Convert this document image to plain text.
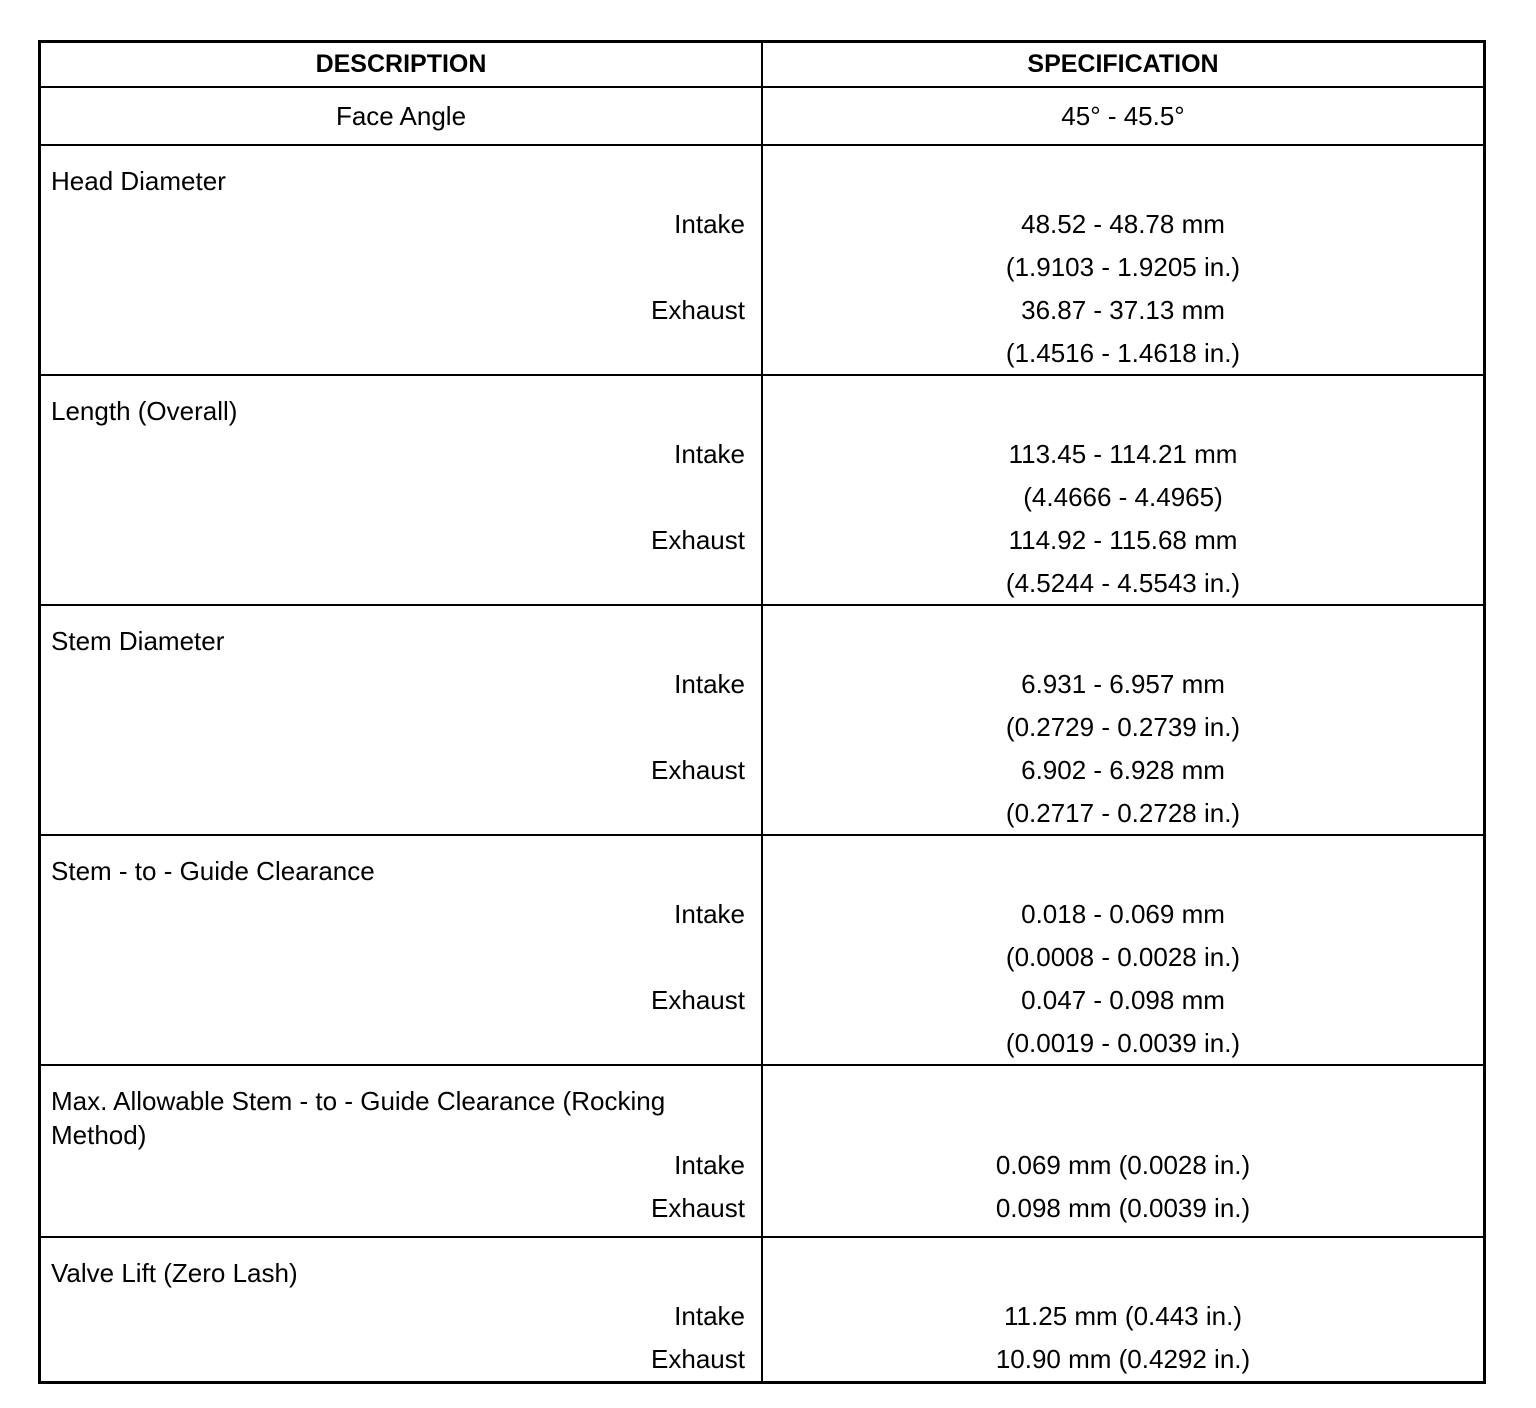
DESCRIPTION	SPECIFICATION
Face Angle	45° - 45.5°
Head Diameter
Intake
Exhaust
48.52 - 48.78 mm
(1.9103 - 1.9205 in.)
36.87 - 37.13 mm
(1.4516 - 1.4618 in.)
Length (Overall)
Intake
Exhaust
113.45 - 114.21 mm
(4.4666 - 4.4965)
114.92 - 115.68 mm
(4.5244 - 4.5543 in.)
Stem Diameter
Intake
Exhaust
6.931 - 6.957 mm
(0.2729 - 0.2739 in.)
6.902 - 6.928 mm
(0.2717 - 0.2728 in.)
Stem - to - Guide Clearance
Intake
Exhaust
0.018 - 0.069 mm
(0.0008 - 0.0028 in.)
0.047 - 0.098 mm
(0.0019 - 0.0039 in.)
Max. Allowable Stem - to - Guide Clearance (Rocking Method)
Intake
Exhaust
0.069 mm (0.0028 in.)
0.098 mm (0.0039 in.)
Valve Lift (Zero Lash)
Intake
Exhaust
11.25 mm (0.443 in.)
10.90 mm (0.4292 in.)
